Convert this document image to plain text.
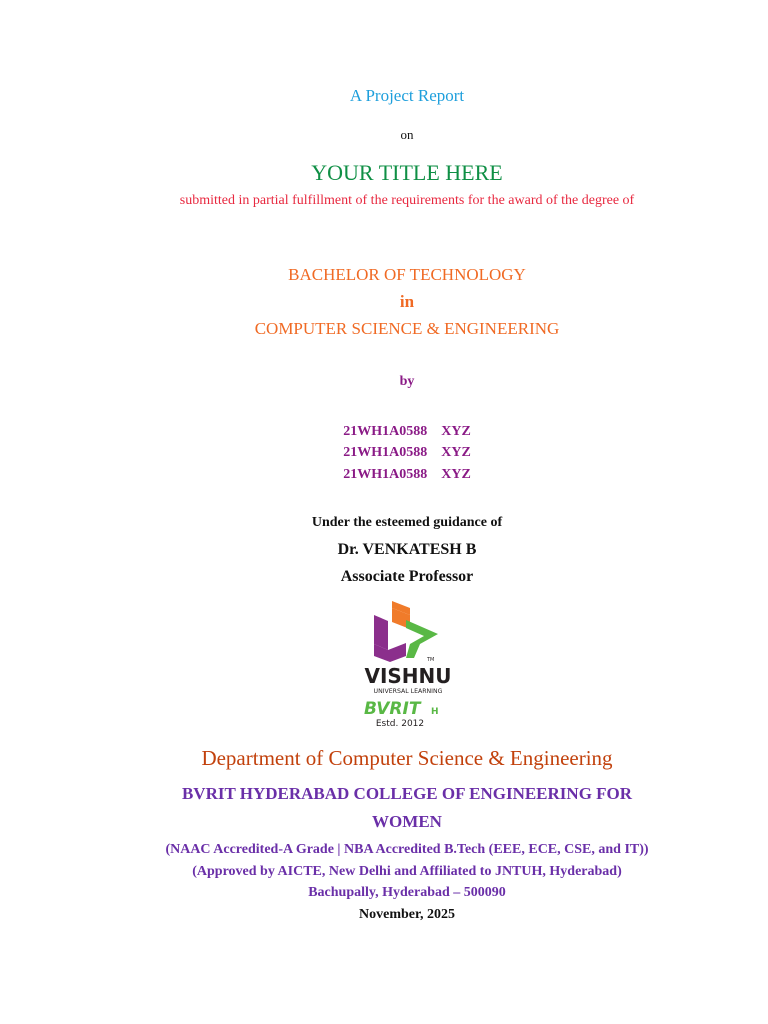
A Project Report

on

YOUR TITLE HERE

submitted in partial fulfillment of the requirements for the award of the degree of

BACHELOR OF TECHNOLOGY

in

COMPUTER SCIENCE & ENGINEERING

by

21WH1A0588 XYZ

21WH1A0588 XYZ

21WH1A0588 XYZ

Under the esteemed guidance of

Dr. VENKATESH B

Associate Professor

TM
VISHNU
UNIVERSAL LEARNING
BVRIT H
Estd. 2012

Department of Computer Science & Engineering

BVRIT HYDERABAD COLLEGE OF ENGINEERING FOR

WOMEN

(NAAC Accredited-A Grade | NBA Accredited B.Tech (EEE, ECE, CSE, and IT))

(Approved by AICTE, New Delhi and Affiliated to JNTUH, Hyderabad)

Bachupally, Hyderabad – 500090

November, 2025
